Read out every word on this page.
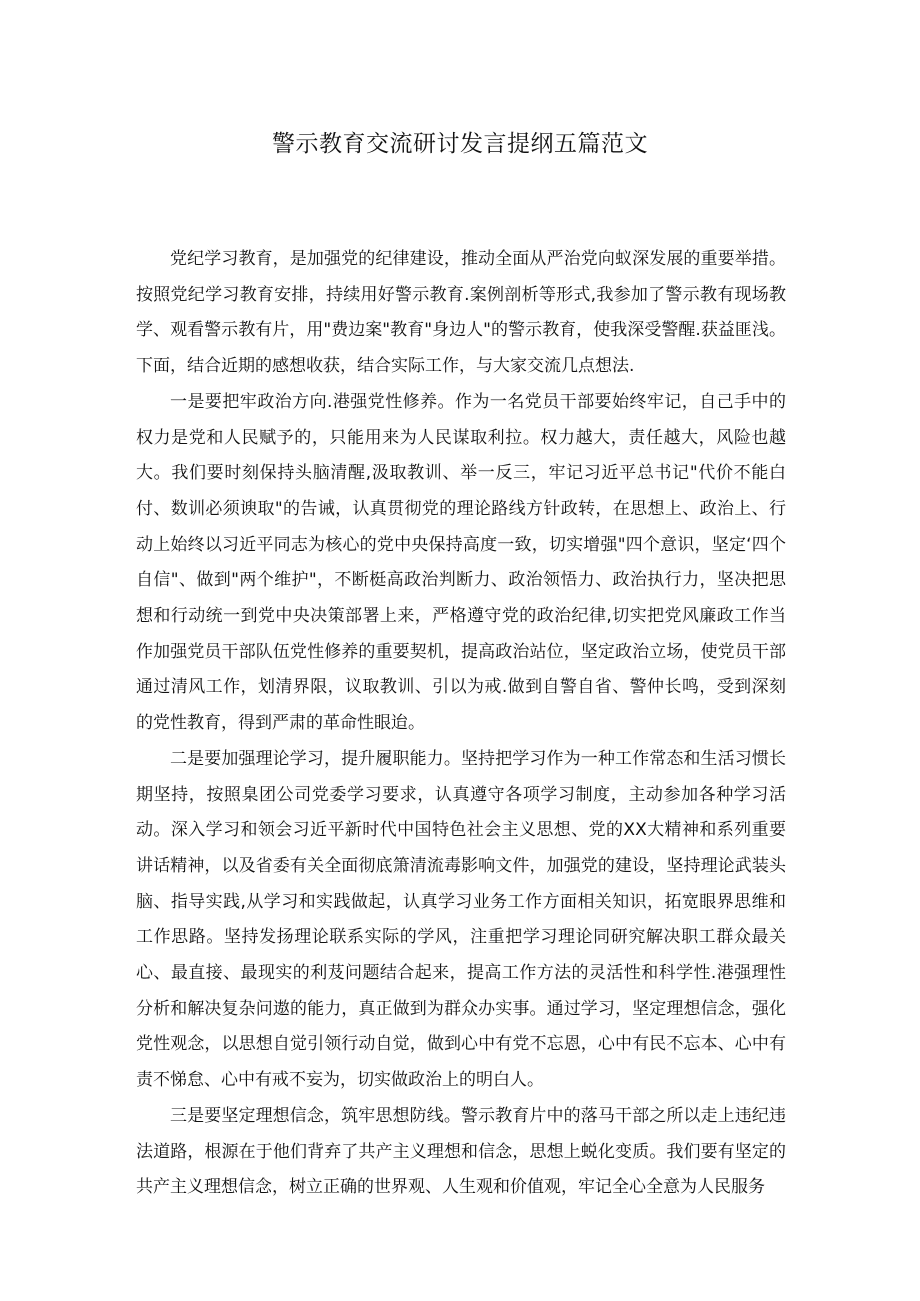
警示教育交流研讨发言提纲五篇范文

党纪学习教育，是加强党的纪律建设，推动全面从严治党向蚁深发展的重要举措。按照党纪学习教育安排，持续用好警示教育.案例剖析等形式,我参加了警示教有现场教学、观看警示教有片，用"费边案"教育"身边人"的警示教育，使我深受警醒.获益匪浅。下面，结合近期的感想收获，结合实际工作，与大家交流几点想法.

一是要把牢政治方向.港强党性修养。作为一名党员干部要始终牢记，自己手中的权力是党和人民赋予的，只能用来为人民谋取利拉。权力越大，责任越大，风险也越大。我们要时刻保持头脑清醒,汲取教训、举一反三，牢记习近平总书记"代价不能白付、数训必须谀取"的告诫，认真贯彻党的理论路线方针政转，在思想上、政治上、行动上始终以习近平同志为核心的党中央保持高度一致，切实增强"四个意识，坚定‘四个自信"、做到"两个维护"，不断梃高政治判断力、政治领悟力、政治执行力，坚决把思想和行动统一到党中央决策部署上来，严格遵守党的政治纪律,切实把党风廉政工作当作加强党员干部队伍党性修养的重要契机，提高政治站位，坚定政治立场，使党员干部通过清风工作，划清界限，议取教训、引以为戒.做到自警自省、警仲长鸣，受到深刻的党性教育，得到严肃的革命性眼迨。

二是要加强理论学习，提升履职能力。坚持把学习作为一种工作常态和生活习惯长期坚持，按照臬团公司党委学习要求，认真遵守各项学习制度，主动参加各种学习活动。深入学习和领会习近平新时代中国特色社会主义思想、党的XX大精神和系列重要讲话精神，以及省委有关全面彻底箫清流毒影响文件，加强党的建设，坚持理论武装头脑、指导实践,从学习和实践做起，认真学习业务工作方面相关知识，拓宽眼界思维和工作思路。坚持发扬理论联系实际的学风，注重把学习理论同研究解决职工群众最关心、最直接、最现实的利芨问题结合起来，提高工作方法的灵活性和科学性.港强理性分析和解决复杂问遨的能力，真正做到为群众办实事。通过学习，坚定理想信念，强化党性观念，以思想自觉引领行动自觉，做到心中有党不忘恩，心中有民不忘本、心中有责不悌怠、心中有戒不妄为，切实做政治上的明白人。

三是要坚定理想信念，筑牢思想防线。警示教育片中的落马干部之所以走上违纪违法道路，根源在于他们背弃了共产主义理想和信念，思想上蜕化变质。我们要有坚定的共产主义理想信念，树立正确的世界观、人生观和价值观，牢记全心全意为人民服务
